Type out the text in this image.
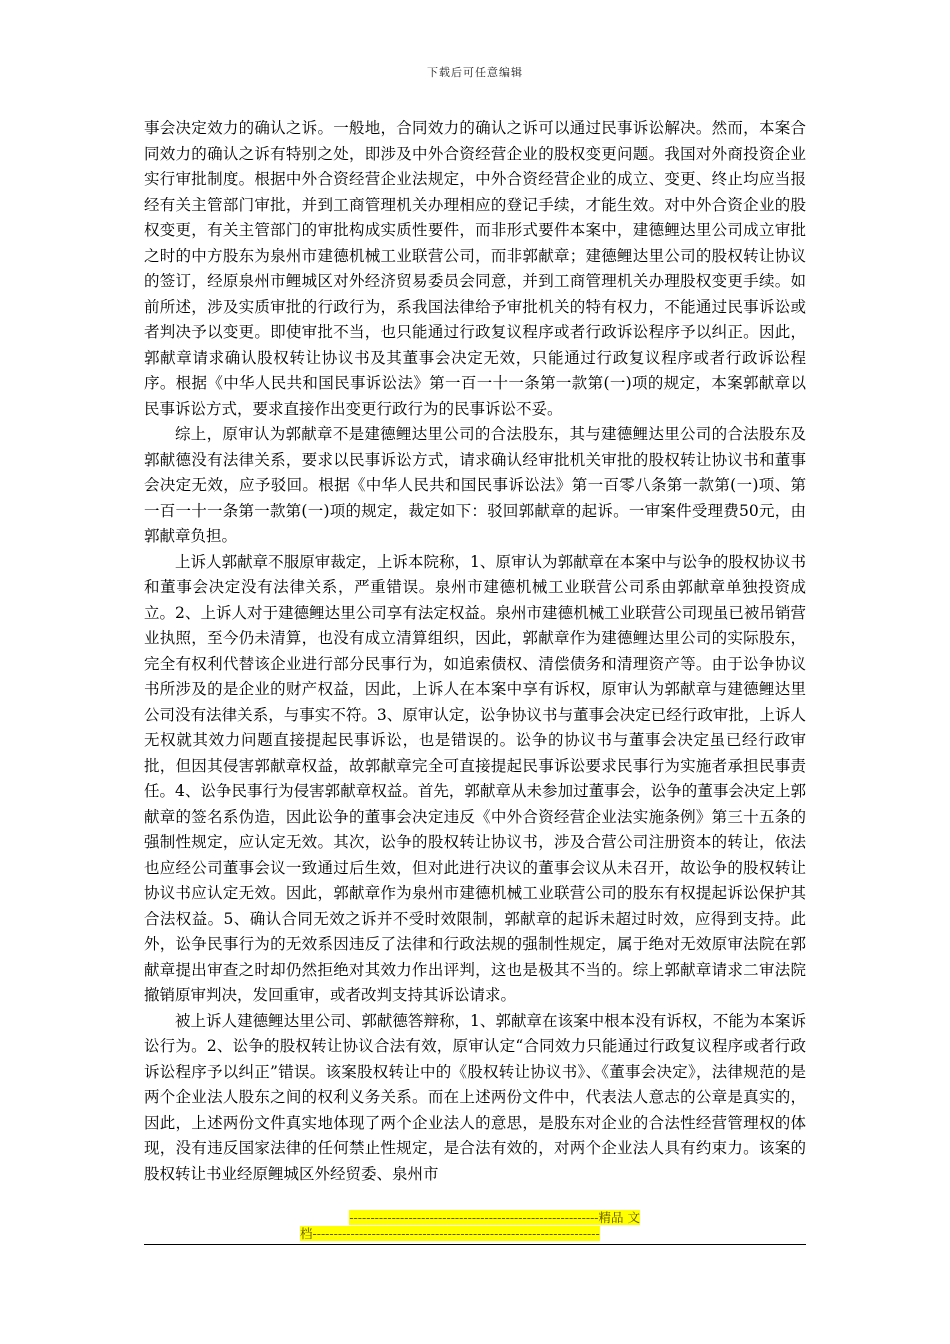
下载后可任意编辑

事会决定效力的确认之诉。一般地，合同效力的确认之诉可以通过民事诉讼解决。然而，本案合同效力的确认之诉有特别之处，即涉及中外合资经营企业的股权变更问题。我国对外商投资企业实行审批制度。根据中外合资经营企业法规定，中外合资经营企业的成立、变更、终止均应当报经有关主管部门审批，并到工商管理机关办理相应的登记手续，才能生效。对中外合资企业的股权变更，有关主管部门的审批构成实质性要件，而非形式要件本案中，建德鲤达里公司成立审批之时的中方股东为泉州市建德机械工业联营公司，而非郭献章；建德鲤达里公司的股权转让协议的签订，经原泉州市鲤城区对外经济贸易委员会同意，并到工商管理机关办理股权变更手续。如前所述，涉及实质审批的行政行为，系我国法律给予审批机关的特有权力，不能通过民事诉讼或者判决予以变更。即使审批不当，也只能通过行政复议程序或者行政诉讼程序予以纠正。因此，郭献章请求确认股权转让协议书及其董事会决定无效，只能通过行政复议程序或者行政诉讼程序。根据《中华人民共和国民事诉讼法》第一百一十一条第一款第(一)项的规定，本案郭献章以民事诉讼方式，要求直接作出变更行政行为的民事诉讼不妥。

综上，原审认为郭献章不是建德鲤达里公司的合法股东，其与建德鲤达里公司的合法股东及郭献德没有法律关系，要求以民事诉讼方式，请求确认经审批机关审批的股权转让协议书和董事会决定无效，应予驳回。根据《中华人民共和国民事诉讼法》第一百零八条第一款第(一)项、第一百一十一条第一款第(一)项的规定，裁定如下：驳回郭献章的起诉。一审案件受理费50元，由郭献章负担。

上诉人郭献章不服原审裁定，上诉本院称，1、原审认为郭献章在本案中与讼争的股权协议书和董事会决定没有法律关系，严重错误。泉州市建德机械工业联营公司系由郭献章单独投资成立。2、上诉人对于建德鲤达里公司享有法定权益。泉州市建德机械工业联营公司现虽已被吊销营业执照，至今仍未清算，也没有成立清算组织，因此，郭献章作为建德鲤达里公司的实际股东，完全有权利代替该企业进行部分民事行为，如追索债权、清偿债务和清理资产等。由于讼争协议书所涉及的是企业的财产权益，因此，上诉人在本案中享有诉权，原审认为郭献章与建德鲤达里公司没有法律关系，与事实不符。3、原审认定，讼争协议书与董事会决定已经行政审批，上诉人无权就其效力问题直接提起民事诉讼，也是错误的。讼争的协议书与董事会决定虽已经行政审批，但因其侵害郭献章权益，故郭献章完全可直接提起民事诉讼要求民事行为实施者承担民事责任。4、讼争民事行为侵害郭献章权益。首先，郭献章从未参加过董事会，讼争的董事会决定上郭献章的签名系伪造，因此讼争的董事会决定违反《中外合资经营企业法实施条例》第三十五条的强制性规定，应认定无效。其次，讼争的股权转让协议书，涉及合营公司注册资本的转让，依法也应经公司董事会议一致通过后生效，但对此进行决议的董事会议从未召开，故讼争的股权转让协议书应认定无效。因此，郭献章作为泉州市建德机械工业联营公司的股东有权提起诉讼保护其合法权益。5、确认合同无效之诉并不受时效限制，郭献章的起诉未超过时效，应得到支持。此外，讼争民事行为的无效系因违反了法律和行政法规的强制性规定，属于绝对无效原审法院在郭献章提出审查之时却仍然拒绝对其效力作出评判，这也是极其不当的。综上郭献章请求二审法院撤销原审判决，发回重审，或者改判支持其诉讼请求。

被上诉人建德鲤达里公司、郭献德答辩称，1、郭献章在该案中根本没有诉权，不能为本案诉讼行为。2、讼争的股权转让协议合法有效，原审认定“合同效力只能通过行政复议程序或者行政诉讼程序予以纠正”错误。该案股权转让中的《股权转让协议书》、《董事会决定》，法律规范的是两个企业法人股东之间的权利义务关系。而在上述两份文件中，代表法人意志的公章是真实的，因此，上述两份文件真实地体现了两个企业法人的意思，是股东对企业的合法性经营管理权的体现，没有违反国家法律的任何禁止性规定，是合法有效的，对两个企业法人具有约束力。该案的股权转让书业经原鲤城区外经贸委、泉州市

-----------------------------------------------------------精品 文
档--------------------------------------------------------------------
